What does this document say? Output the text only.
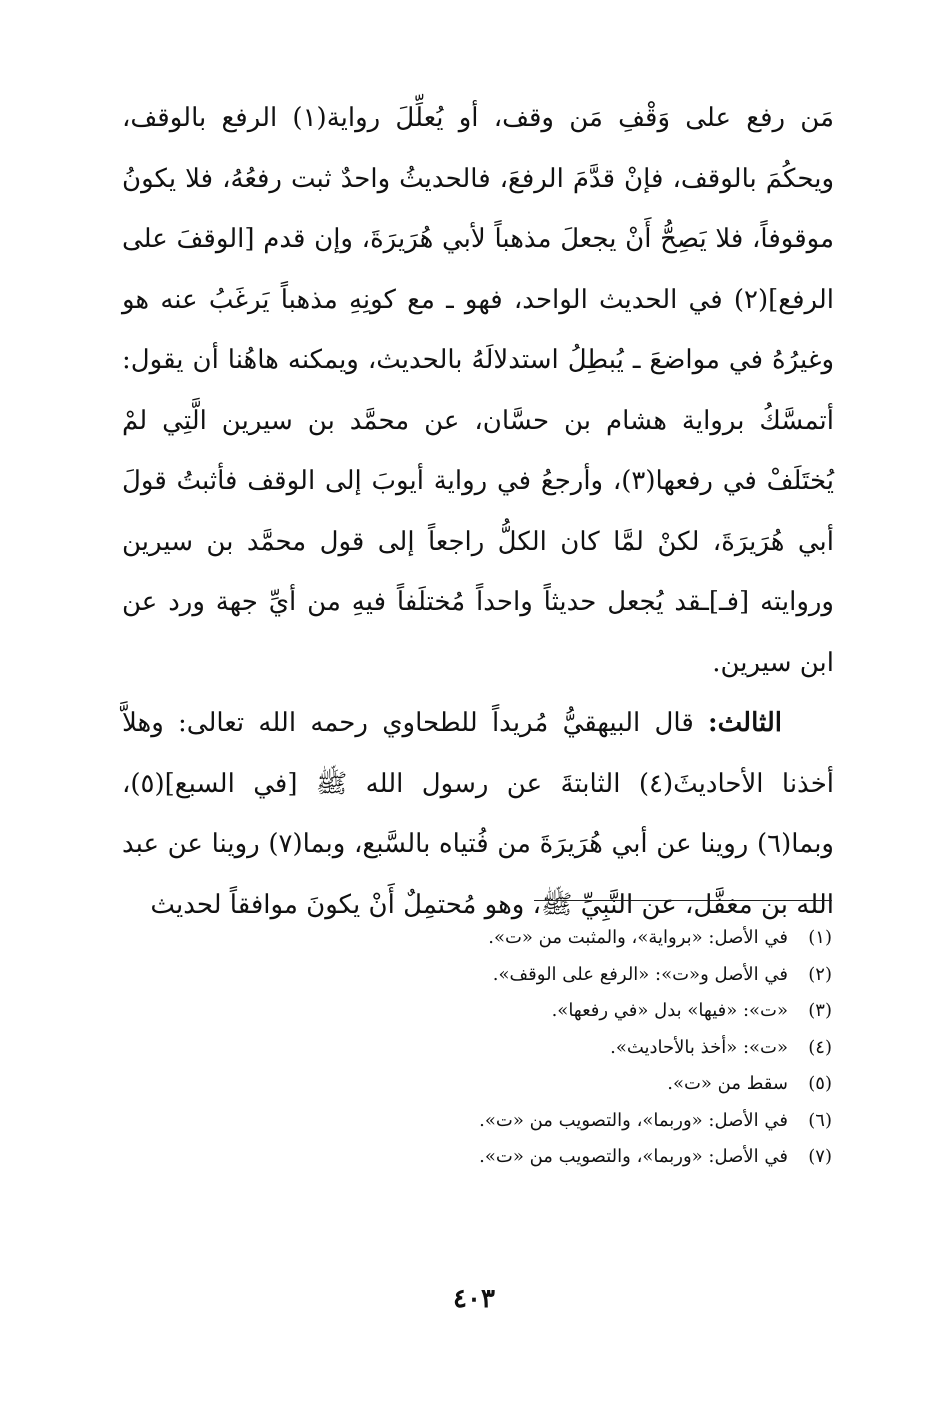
مَن رفع على وَقْفِ مَن وقف، أو يُعلِّلَ رواية(١) الرفع بالوقف، ويحكُمَ بالوقف، فإنْ قدَّمَ الرفعَ، فالحديثُ واحدٌ ثبت رفعُهُ، فلا يكونُ موقوفاً، فلا يَصِحُّ أَنْ يجعلَ مذهباً لأبي هُرَيرَةَ، وإن قدم [الوقفَ على الرفع](٢) في الحديث الواحد، فهو ـ مع كونِهِ مذهباً يَرغَبُ عنه هو وغيرُهُ في مواضعَ ـ يُبطِلُ استدلالَهُ بالحديث، ويمكنه هاهُنا أن يقول: أتمسَّكُ برواية هشام بن حسَّان، عن محمَّد بن سيرين الَّتِي لمْ يُختَلَفْ في رفعها(٣)، وأرجعُ في رواية أيوبَ إلى الوقف فأثبتُ قولَ أبي هُرَيرَةَ، لكنْ لمَّا كان الكلُّ راجعاً إلى قول محمَّد بن سيرين وروايته [فـ]ـقد يُجعل حديثاً واحداً مُختلَفاً فيهِ من أيِّ جهة ورد عن ابن سيرين.

الثالث: قال البيهقيُّ مُريداً للطحاوي رحمه الله تعالى: وهلاَّ أخذنا الأحاديثَ(٤) الثابتةَ عن رسول الله ﷺ [في السبع](٥)، وبما(٦) روينا عن أبي هُرَيرَةَ من فُتياه بالسَّبع، وبما(٧) روينا عن عبد الله بن مغفَّل، عن النَّبِيِّ ﷺ، وهو مُحتمِلٌ أَنْ يكونَ موافقاً لحديث

(١)
في الأصل: «برواية»، والمثبت من «ت».
(٢)
في الأصل و«ت»: «الرفع على الوقف».
(٣)
«ت»: «فيها» بدل «في رفعها».
(٤)
«ت»: «أخذ بالأحاديث».
(٥)
سقط من «ت».
(٦)
في الأصل: «وربما»، والتصويب من «ت».
(٧)
في الأصل: «وربما»، والتصويب من «ت».
٤٠٣
